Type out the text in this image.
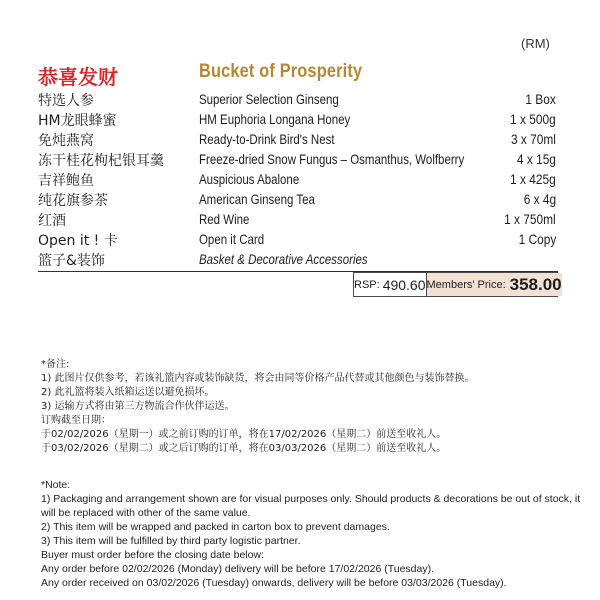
(RM)
恭喜发财	Bucket of Prosperity
特选人参	Superior Selection Ginseng	1 Box
HM龙眼蜂蜜	HM Euphoria Longana Honey	1 x 500g
免炖燕窝	Ready-to-Drink Bird's Nest	3 x 70ml
冻干桂花枸杞银耳羹	Freeze-dried Snow Fungus – Osmanthus, Wolfberry	4 x 15g
吉祥鲍鱼	Auspicious Abalone	1 x 425g
纯花旗参茶	American Ginseng Tea	6 x 4g
红酒	Red Wine	1 x 750ml
Open it ! 卡	Open it Card	1 Copy
篮子&装饰	Basket & Decorative Accessories
RSP: 490.60 Members' Price: 358.00
*备注:
1) 此图片仅供参考，若该礼篮内容或装饰缺货，将会由同等价格产品代替或其他颜色与装饰替换。
2) 此礼篮将装入纸箱运送以避免损坏。
3) 运输方式将由第三方物流合作伙伴运送。
订购截至日期：
于02/02/2026（星期一）或之前订购的订单，将在17/02/2026（星期二）前送至收礼人。
于03/02/2026（星期二）或之后订购的订单，将在03/03/2026（星期二）前送至收礼人。
*Note:
1) Packaging and arrangement shown are for visual purposes only. Should products & decorations be out of stock, it
will be replaced with other of the same value.
2) This item will be wrapped and packed in carton box to prevent damages.
3) This item will be fulfilled by third party logistic partner.
Buyer must order before the closing date below:
Any order before 02/02/2026 (Monday) delivery will be before 17/02/2026 (Tuesday).
Any order received on 03/02/2026 (Tuesday) onwards, delivery will be before 03/03/2026 (Tuesday).
